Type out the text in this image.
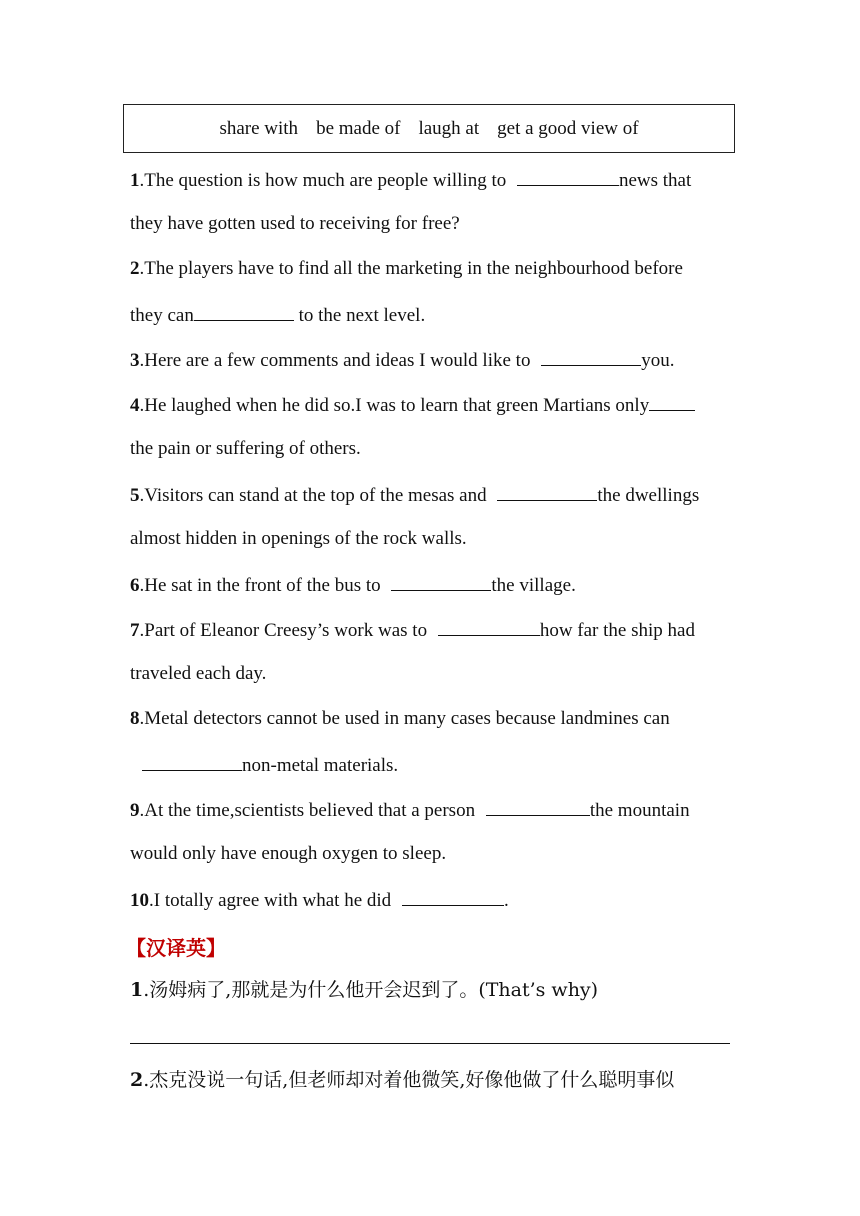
share with be made of laugh at get a good view of
1.The question is how much are people willing to	news that
they have gotten used to receiving for free?
2.The players have to find all the marketing in the neighbourhood before
they can	to the next level.
3.Here are a few comments and ideas I would like to	you.
4.He laughed when he did so.I was to learn that green Martians only
the pain or suffering of others.
5.Visitors can stand at the top of the mesas and	the dwellings
almost hidden in openings of the rock walls.
6.He sat in the front of the bus to	the village.
7.Part of Eleanor Creesy’s work was to	how far the ship had
traveled each day.
8.Metal detectors cannot be used in many cases because landmines can
non-metal materials.
9.At the time,scientists believed that a person	the mountain
would only have enough oxygen to sleep.
10.I totally agree with what he did	.
【汉译英】
1.汤姆病了,那就是为什么他开会迟到了。(That’s why)
2.杰克没说一句话,但老师却对着他微笑,好像他做了什么聪明事似
